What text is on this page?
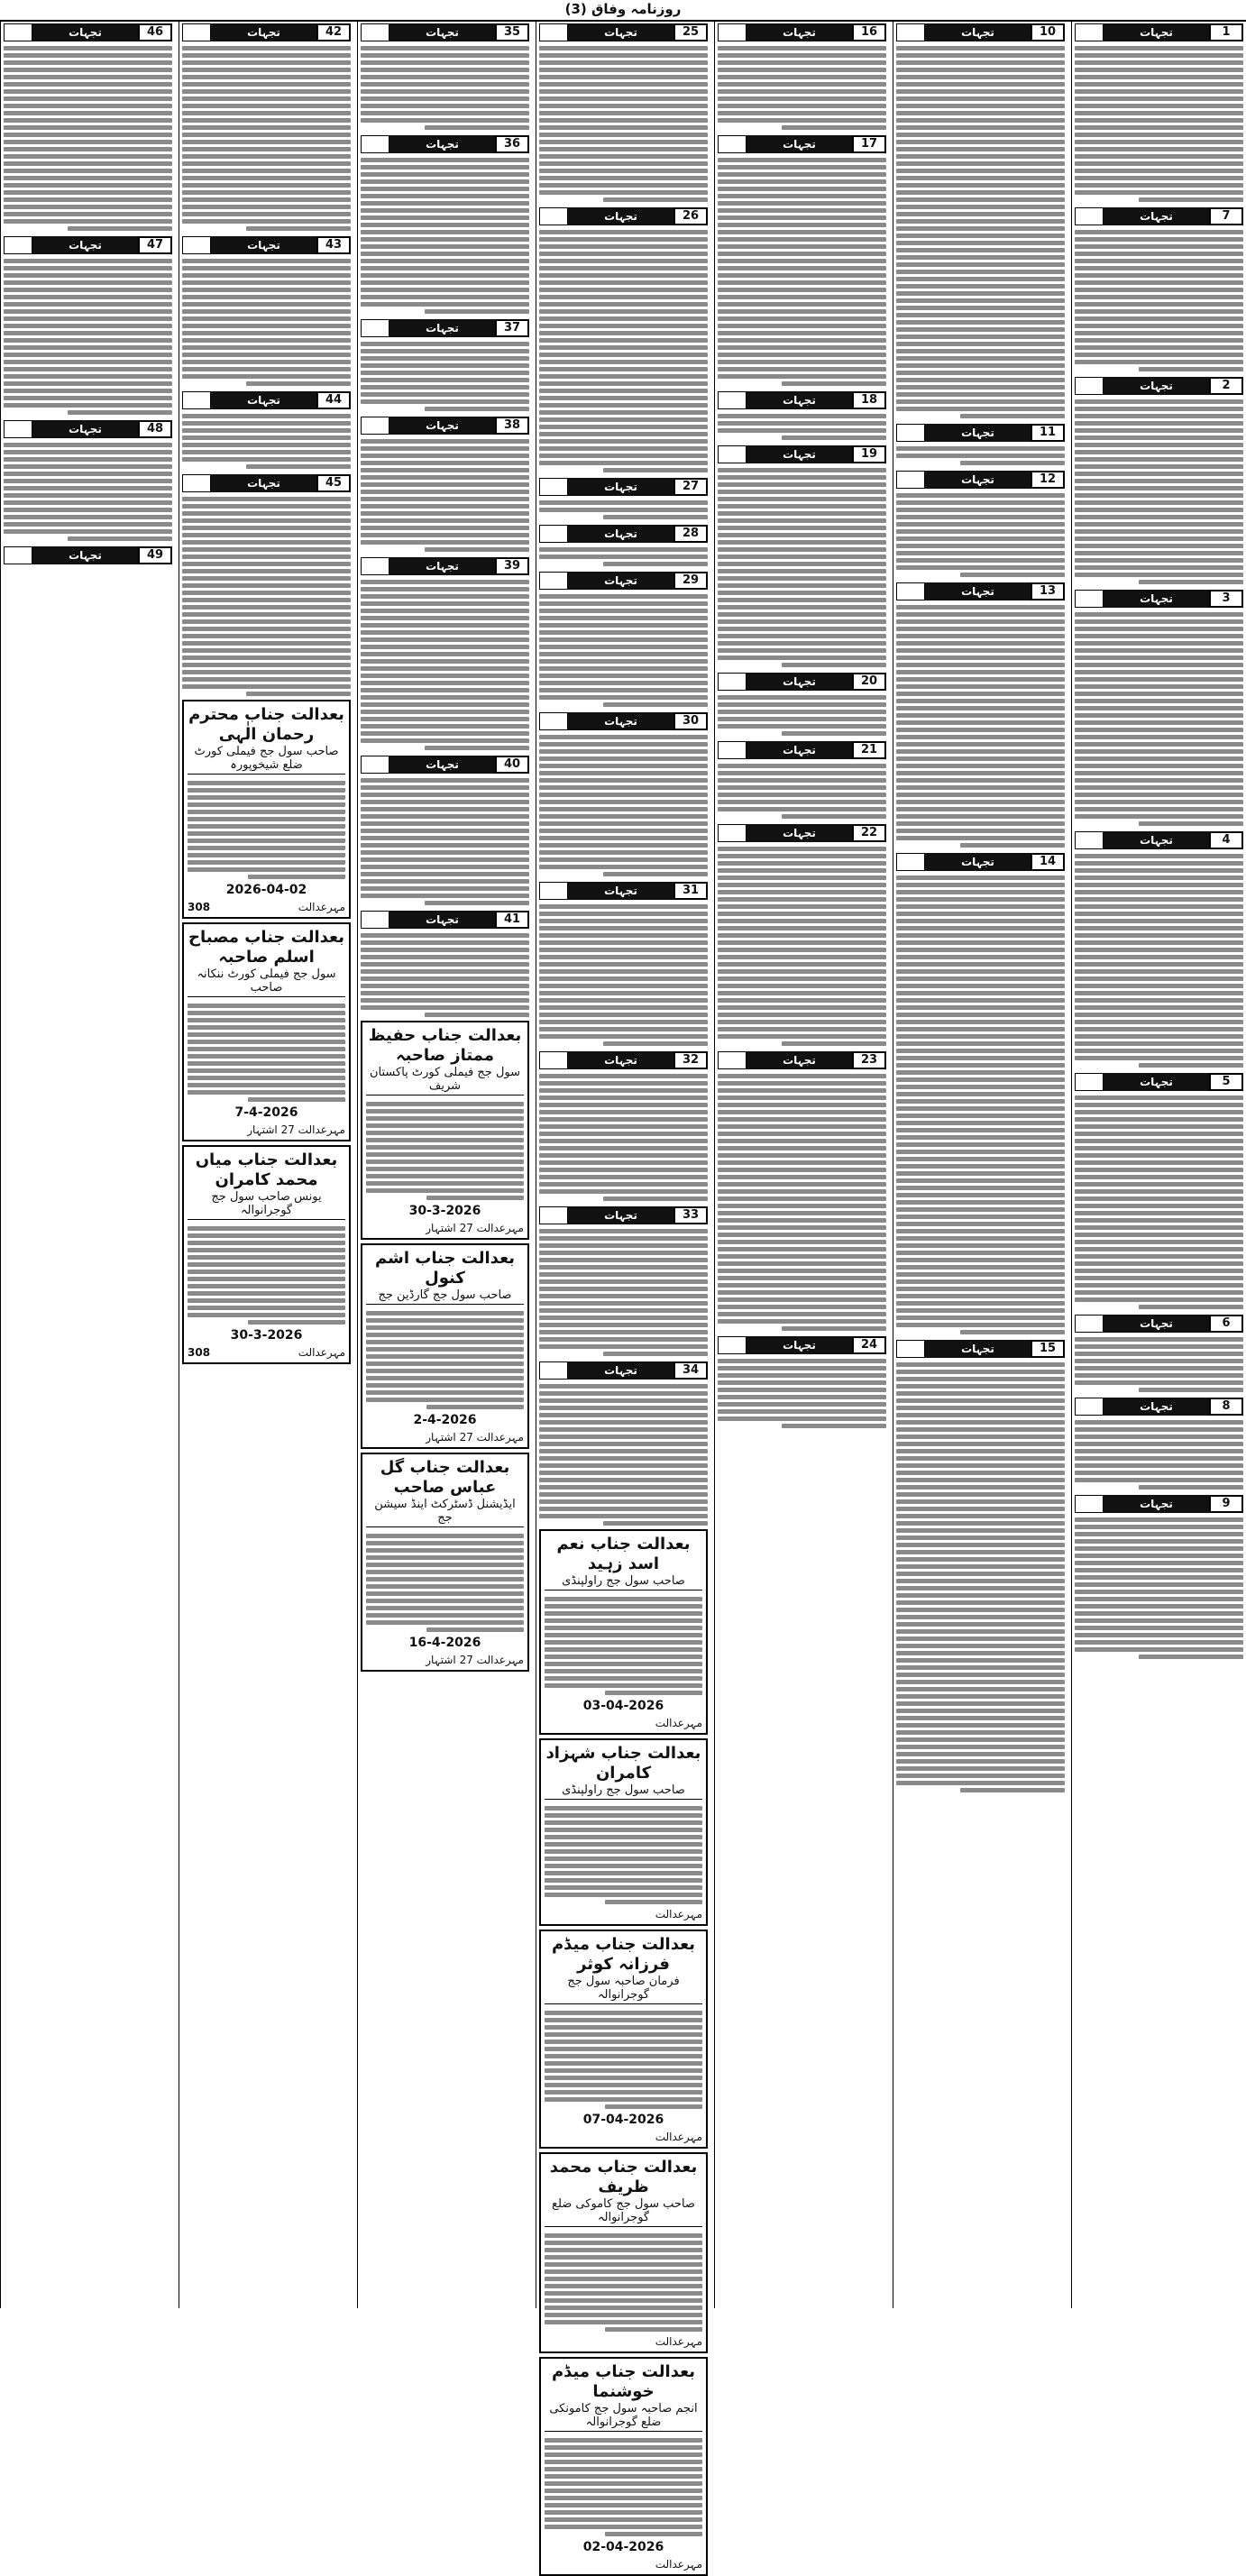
روزنامہ وفاق (3)
1
تجہات
7
تجہات
2
تجہات
3
تجہات
4
تجہات
5
تجہات
6
تجہات
8
تجہات
9
تجہات
10
تجہات
11
تجہات
12
تجہات
13
تجہات
14
تجہات
15
تجہات
16
تجہات
17
تجہات
18
تجہات
19
تجہات
20
تجہات
21
تجہات
22
تجہات
23
تجہات
24
تجہات
25
تجہات
26
تجہات
27
تجہات
28
تجہات
29
تجہات
30
تجہات
31
تجہات
32
تجہات
33
تجہات
34
تجہات
بعدالت جناب نعم اسد زہید
صاحب سول جج راولپنڈی
03-04-2026
مہرعدالت
بعدالت جناب شہزاد کامران
صاحب سول جج راولپنڈی
مہرعدالت
بعدالت جناب میڈم فرزانہ کوثر
فرمان صاحبہ سول جج گوجرانوالہ
07-04-2026
مہرعدالت
بعدالت جناب محمد ظریف
صاحب سول جج کاموکی ضلع گوجرانوالہ
مہرعدالت
بعدالت جناب میڈم خوشنما
انجم صاحبہ سول جج کامونکی ضلع گوجرانوالہ
02-04-2026
مہرعدالت
35
تجہات
36
تجہات
37
تجہات
38
تجہات
39
تجہات
40
تجہات
41
تجہات
بعدالت جناب حفیظ ممتاز صاحبہ
سول جج فیملی کورٹ پاکستان شریف
30-3-2026
مہرعدالت 27 اشتہار
بعدالت جناب اشم کنول
صاحب سول جج گارڈین جج
2-4-2026
مہرعدالت 27 اشتہار
بعدالت جناب گل عباس صاحب
ایڈیشنل ڈسٹرکٹ اینڈ سیشن جج
16-4-2026
مہرعدالت 27 اشتہار
42
تجہات
43
تجہات
44
تجہات
45
تجہات
بعدالت جناب محترم رحمان الٰہی
صاحب سول جج فیملی کورٹ ضلع شیخوپورہ
2026-04-02
308	مہرعدالت
بعدالت جناب مصباح اسلم صاحبہ
سول جج فیملی کورٹ ننکانہ صاحب
7-4-2026
مہرعدالت 27 اشتہار
بعدالت جناب میاں محمد کامران
یونس صاحب سول جج گوجرانوالہ
30-3-2026
308	مہرعدالت
46
تجہات
47
تجہات
48
تجہات
49
تجہات
